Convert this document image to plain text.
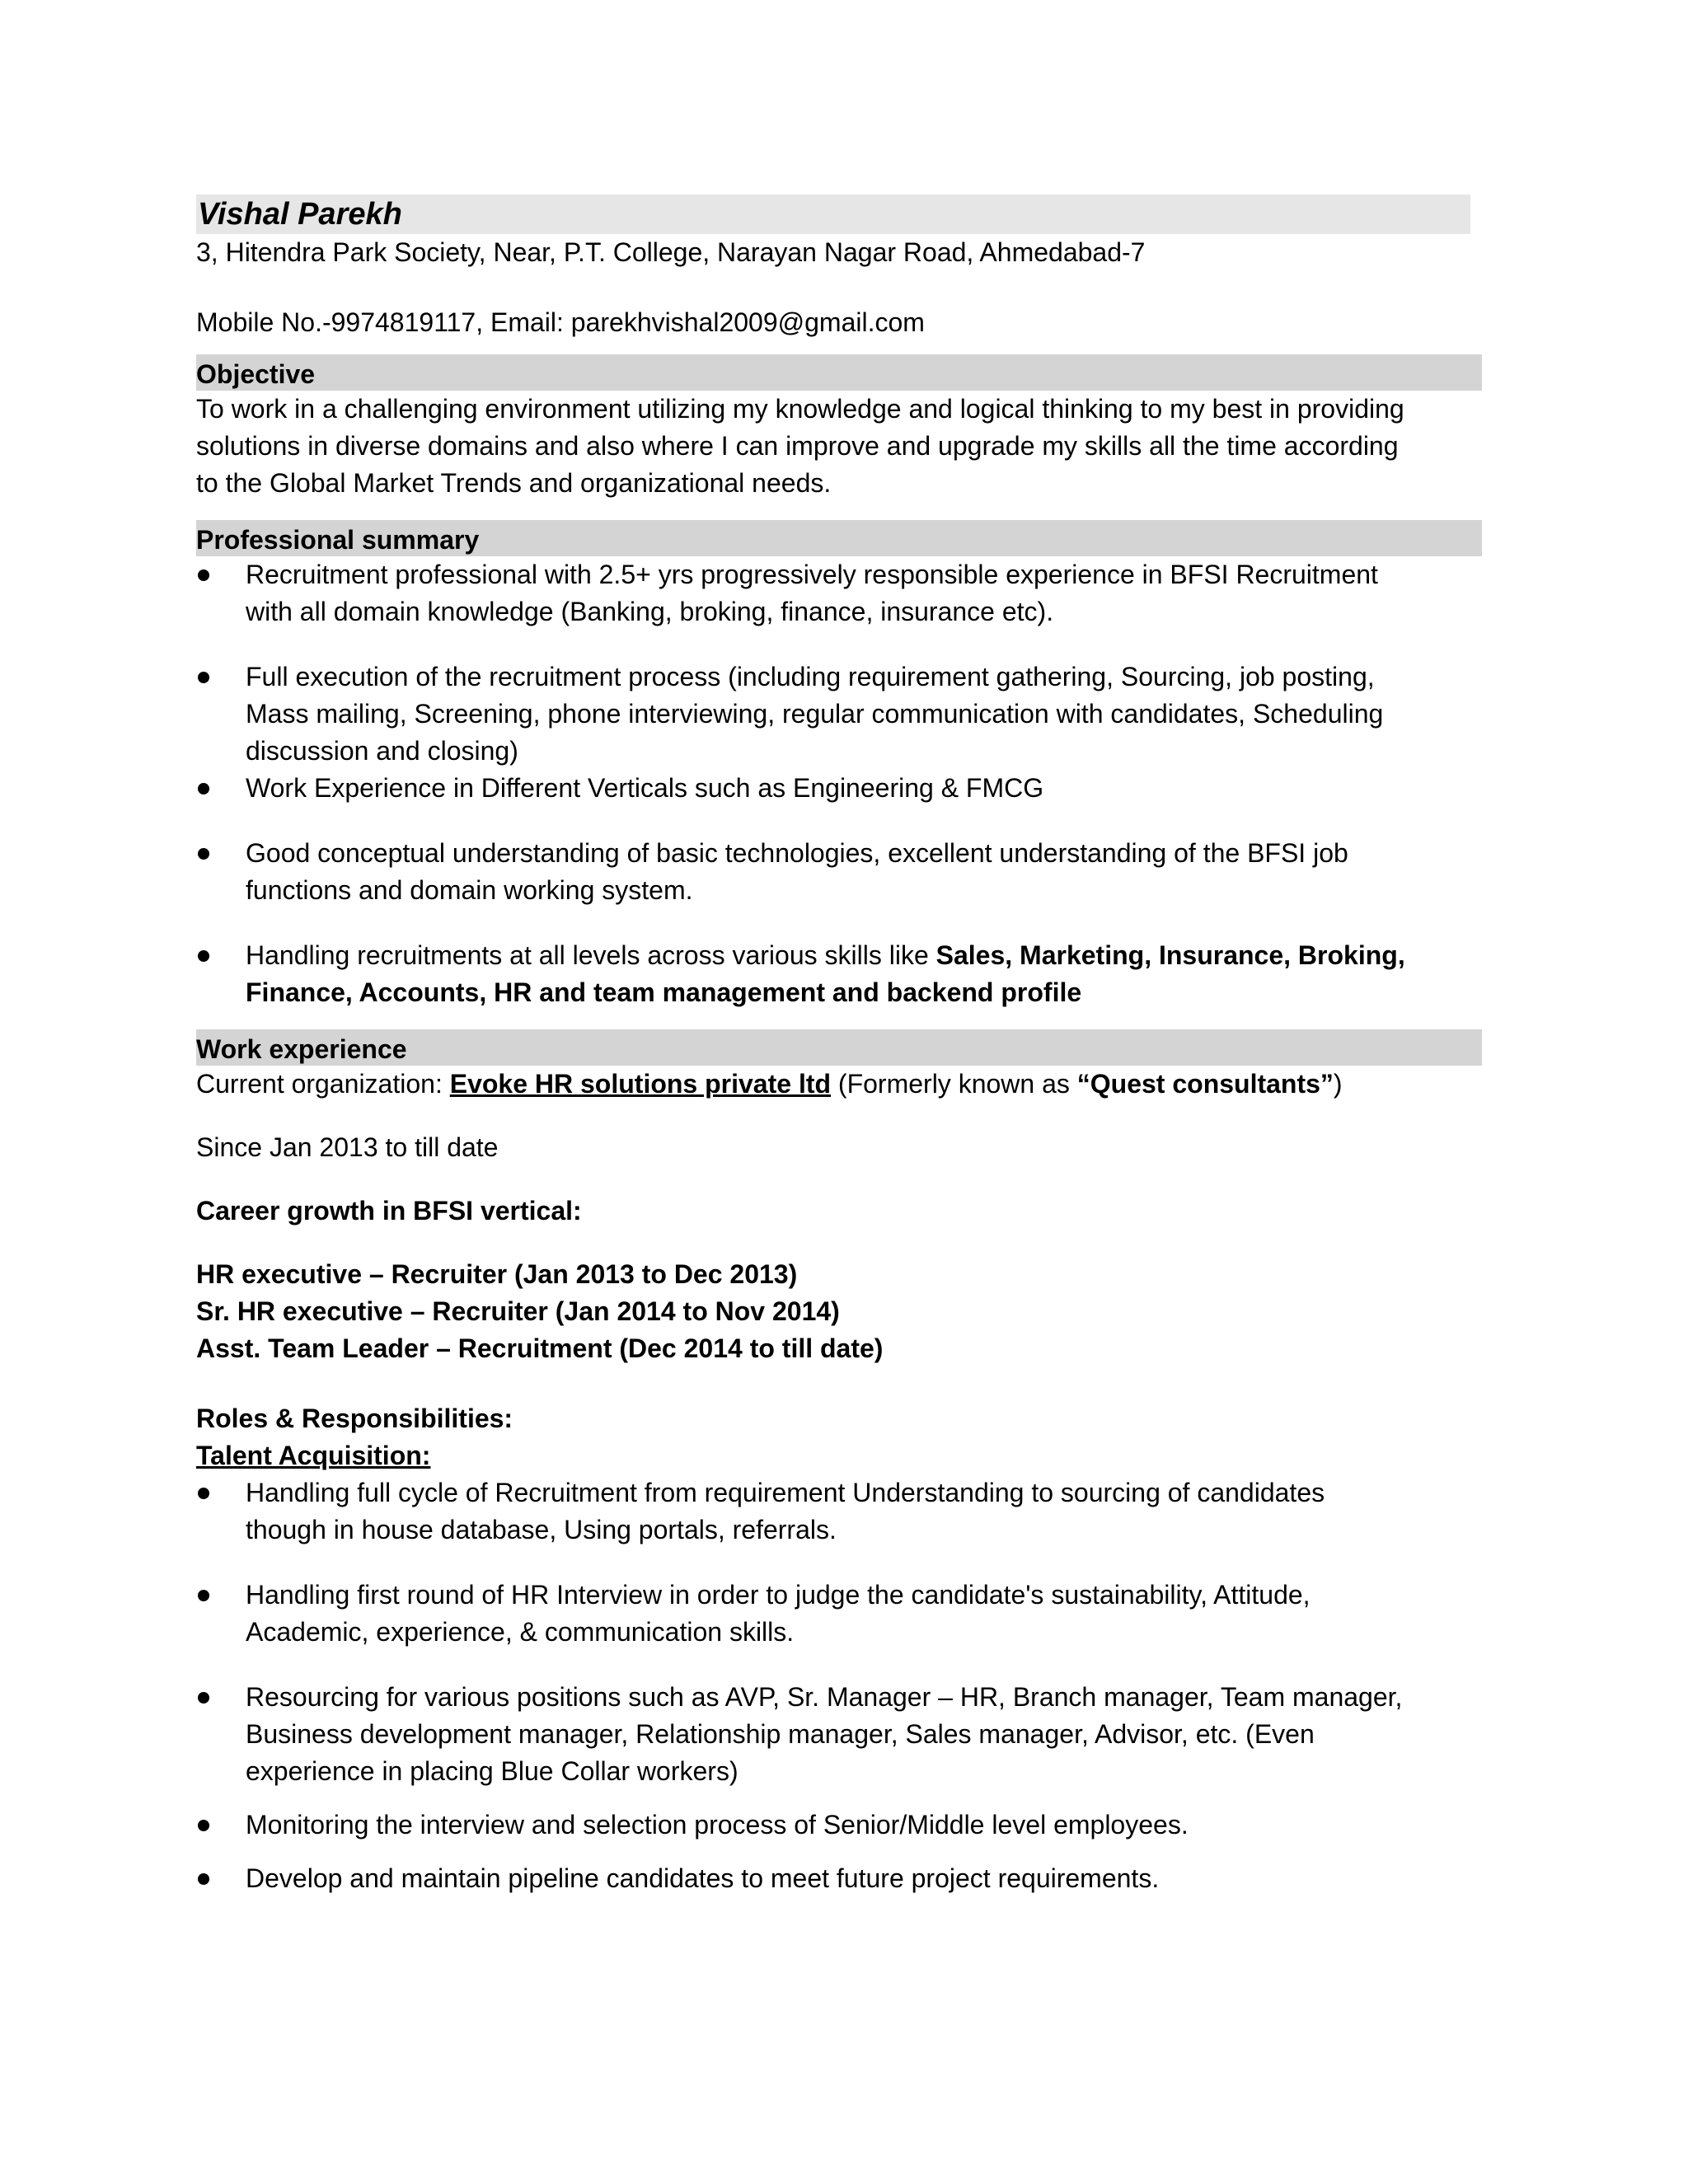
Vishal Parekh
3, Hitendra Park Society, Near, P.T. College, Narayan Nagar Road, Ahmedabad-7
Mobile No.-9974819117, Email: parekhvishal2009@gmail.com
Objective
To work in a challenging environment utilizing my knowledge and logical thinking to my best in providing
solutions in diverse domains and also where I can improve and upgrade my skills all the time according
to the Global Market Trends and organizational needs.
Professional summary
Recruitment professional with 2.5+ yrs progressively responsible experience in BFSI Recruitment
with all domain knowledge (Banking, broking, finance, insurance etc).
Full execution of the recruitment process (including requirement gathering, Sourcing, job posting,
Mass mailing, Screening, phone interviewing, regular communication with candidates, Scheduling
discussion and closing)
Work Experience in Different Verticals such as Engineering & FMCG
Good conceptual understanding of basic technologies, excellent understanding of the BFSI job
functions and domain working system.
Handling recruitments at all levels across various skills like Sales, Marketing, Insurance, Broking,
Finance, Accounts, HR and team management and backend profile
Work experience
Current organization: Evoke HR solutions private ltd (Formerly known as “Quest consultants”)
Since Jan 2013 to till date
Career growth in BFSI vertical:
HR executive – Recruiter (Jan 2013 to Dec 2013)
Sr. HR executive – Recruiter (Jan 2014 to Nov 2014)
Asst. Team Leader – Recruitment (Dec 2014 to till date)
Roles & Responsibilities:
Talent Acquisition:
Handling full cycle of Recruitment from requirement Understanding to sourcing of candidates
though in house database, Using portals, referrals.
Handling first round of HR Interview in order to judge the candidate's sustainability, Attitude,
Academic, experience, & communication skills.
Resourcing for various positions such as AVP, Sr. Manager – HR, Branch manager, Team manager,
Business development manager, Relationship manager, Sales manager, Advisor, etc. (Even
experience in placing Blue Collar workers)
Monitoring the interview and selection process of Senior/Middle level employees.
Develop and maintain pipeline candidates to meet future project requirements.
